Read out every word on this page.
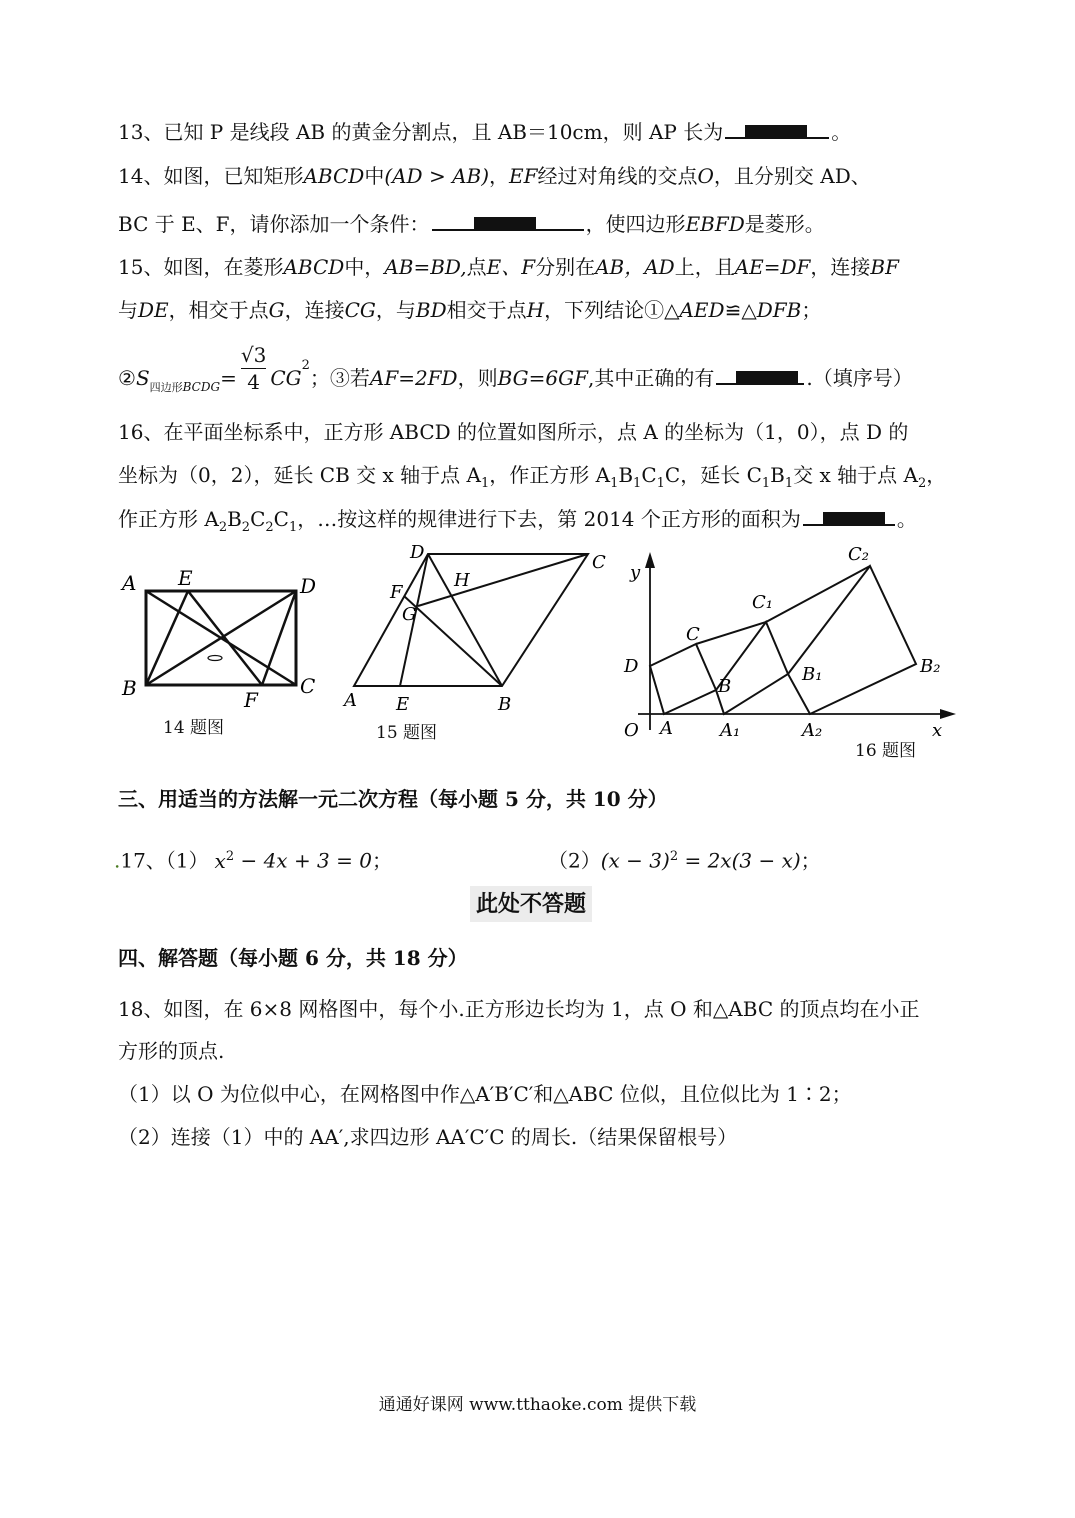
13、已知 P 是线段 AB 的黄金分割点，且 AB＝10cm，则 AP 长为	。
14、如图，已知矩形ABCD中(AD > AB)，EF经过对角线的交点O，且分别交 AD、
BC 于 E、F，请你添加一个条件：	，使四边形EBFD是菱形。
15、如图，在菱形ABCD中，AB=BD,点E、F分别在AB，AD上，且AE=DF，连接BF
与DE，相交于点G，连接CG，与BD相交于点H，下列结论①△AED≌△DFB；
$②S_{四边形BCDG}= \frac{√3}{4} CG^2$；③若AF=2FD，则BG=6GF,其中正确的有	.（填序号）
16、在平面坐标系中，正方形 ABCD 的位置如图所示，点 A 的坐标为（1，0），点 D 的
坐标为（0，2），延长 CB 交 x 轴于点 $A_1$，作正方形 $A_1B_1C_1C$，延长 $C_1B_1$交 x 轴于点 $A_2$，
作正方形 $A_2B_2C_2C_1$，…按这样的规律进行下去，第 2014 个正方形的面积为	。
A E	D
B	F
C
14 题图
D	C
F
H
G
A E	B
15 题图
y
C₂
C₁
C
D	B₁	B₂
B
O A	A₁	A₂	x
16 题图
三、用适当的方法解一元二次方程（每小题 5 分，共 10 分）
.17、（1） $x^2 - 4x + 3 = 0$；	$(2)(x - 3)^2 = 2x(3 - x)$；
此处不答题
四、解答题（每小题 6 分，共 18 分）
18、如图，在 6×8 网格图中，每个小.正方形边长均为 1，点 O 和△ABC 的顶点均在小正
方形的顶点.
（1）以 O 为位似中心，在网格图中作△A′B′C′和△ABC 位似，且位似比为 1∶2；
（2）连接（1）中的 AA′,求四边形 AA′C′C 的周长.（结果保留根号）
通通好课网 www.tthaoke.com 提供下载
